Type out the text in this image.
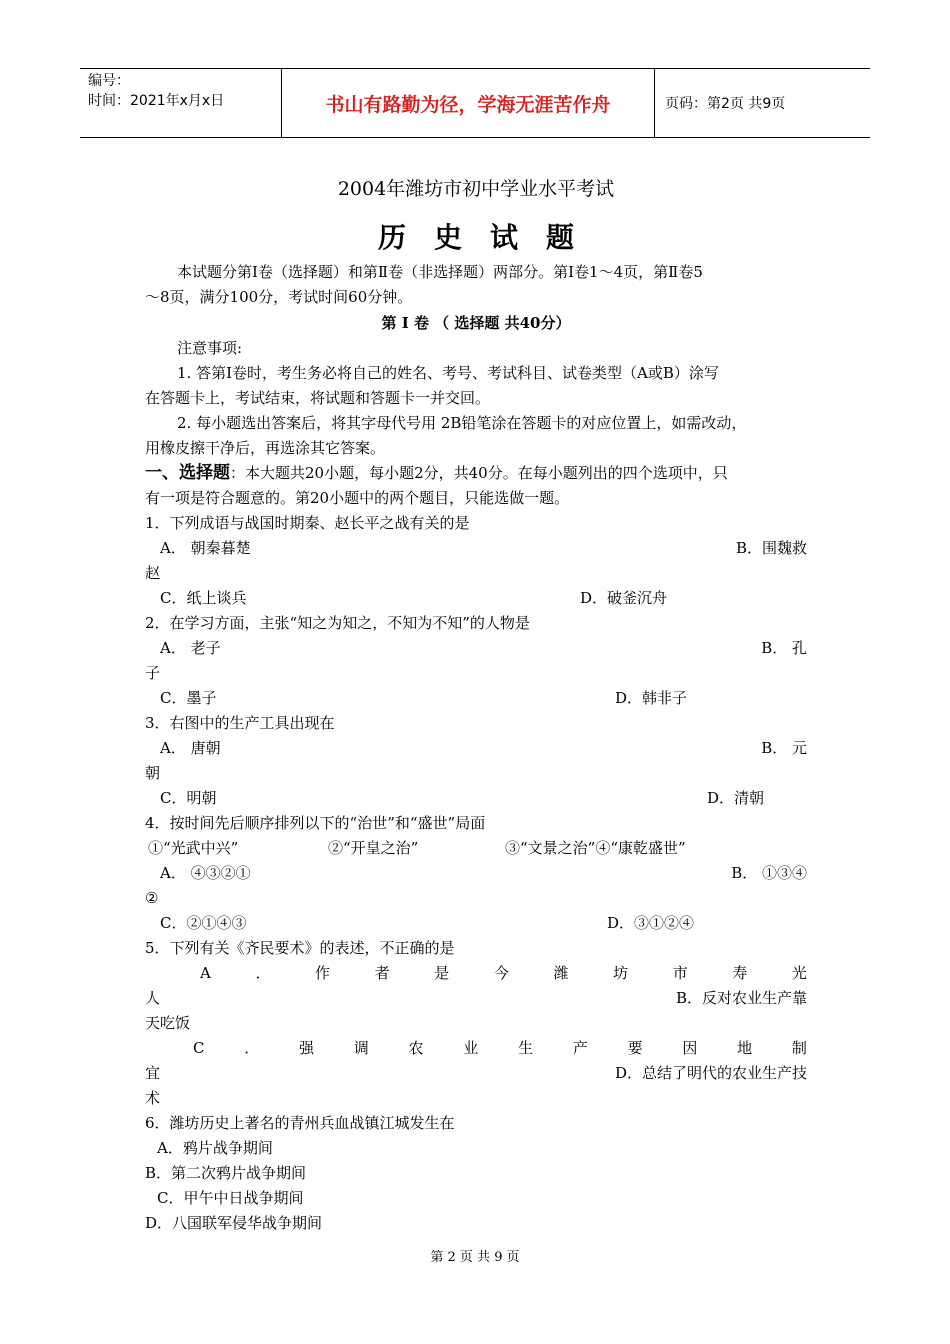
编号：
时间：2021年x月x日	书山有路勤为径，学海无涯苦作舟	页码：第2页 共9页
2004年潍坊市初中学业水平考试
历史试题

本试题分第Ⅰ卷（选择题）和第Ⅱ卷（非选择题）两部分。第Ⅰ卷1～4页，第Ⅱ卷5

～8页，满分100分，考试时间60分钟。

第 Ⅰ 卷 （ 选择题 共40分）

注意事项:

1. 答第Ⅰ卷时，考生务必将自己的姓名、考号、考试科目、试卷类型（A或B）涂写

在答题卡上，考试结束，将试题和答题卡一并交回。

2. 每小题选出答案后，将其字母代号用 2B铅笔涂在答题卡的对应位置上，如需改动，

用橡皮擦干净后，再选涂其它答案。

一、选择题：本大题共20小题，每小题2分，共40分。在每小题列出的四个选项中，只

有一项是符合题意的。第20小题中的两个题目，只能选做一题。

1．下列成语与战国时期秦、赵长平之战有关的是

A． 朝秦暮楚	B．围魏救

赵

C．纸上谈兵	D．破釜沉舟

2．在学习方面，主张“知之为知之，不知为不知”的人物是

A． 老子	B． 孔

子

C．墨子	D．韩非子

3．右图中的生产工具出现在

A． 唐朝	B． 元

朝

C．明朝	D．清朝

4．按时间先后顺序排列以下的“治世”和“盛世”局面

①“光武中兴”	②“开皇之治”	③“文景之治”④“康乾盛世”
A． ④③②①	B． ①③④

②

C．②①④③	D．③①②④

5．下列有关《齐民要术》的表述，不正确的是

A	．	作	者	是	今	潍	坊	市	寿	光
人	B．反对农业生产靠

天吃饭

C	．	强	调	农	业	生	产	要	因	地	制
宜	D．总结了明代的农业生产技

术

6．潍坊历史上著名的青州兵血战镇江城发生在

A．鸦片战争期间

B．第二次鸦片战争期间

C．甲午中日战争期间

D．八国联军侵华战争期间

第 2 页 共 9 页
